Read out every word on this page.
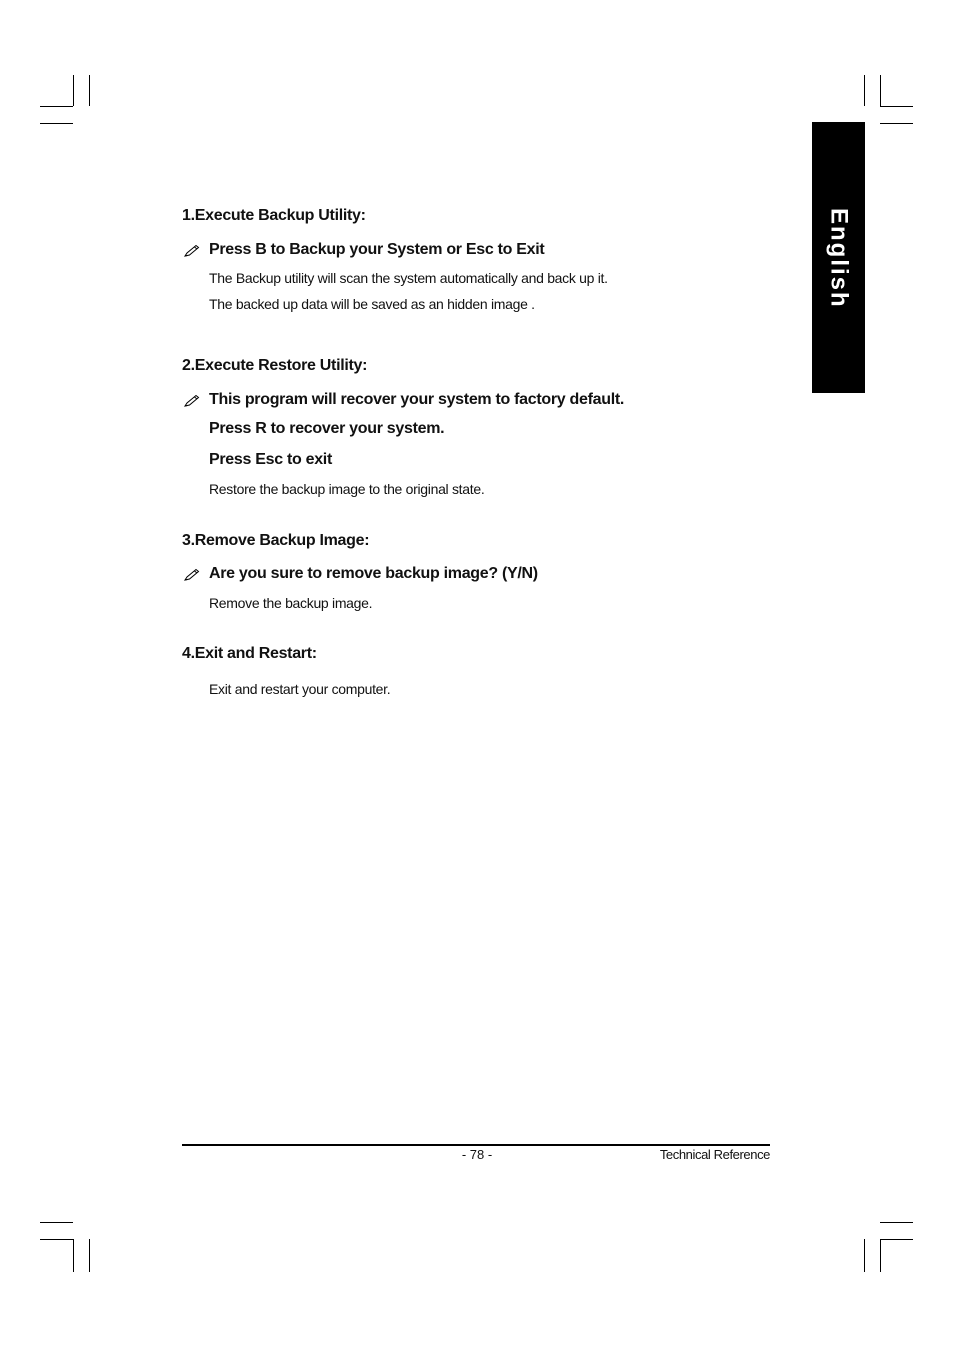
English
1.Execute Backup Utility:
Press B to Backup your System or Esc to Exit
The Backup utility will scan the system automatically and back up it.
The backed up data will be saved as an hidden image .
2.Execute Restore Utility:
This program will recover your system to factory default.
Press R to recover your system.
Press Esc to exit
Restore the backup image to the original state.
3.Remove Backup Image:
Are you sure to remove backup image? (Y/N)
Remove the backup image.
4.Exit and Restart:
Exit and restart your computer.
- 78 -	Technical Reference
